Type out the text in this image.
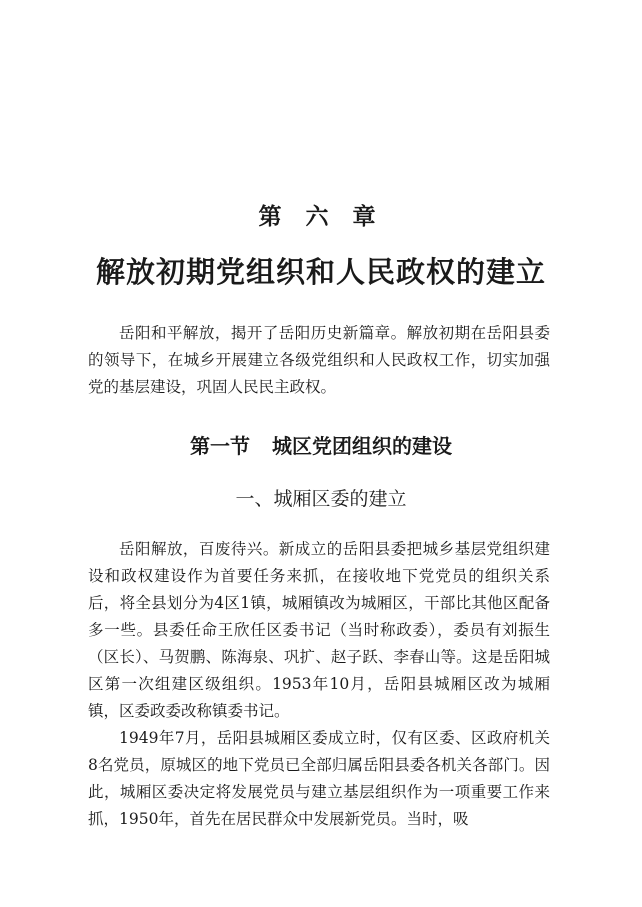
第 六 章
解放初期党组织和人民政权的建立

岳阳和平解放，揭开了岳阳历史新篇章。解放初期在岳阳县委的领导下，在城乡开展建立各级党组织和人民政权工作，切实加强党的基层建设，巩固人民民主政权。

第一节 城区党团组织的建设
一、城厢区委的建立

岳阳解放，百废待兴。新成立的岳阳县委把城乡基层党组织建设和政权建设作为首要任务来抓，在接收地下党党员的组织关系后，将全县划分为4区1镇，城厢镇改为城厢区，干部比其他区配备多一些。县委任命王欣任区委书记（当时称政委），委员有刘振生（区长）、马贺鹏、陈海泉、巩扩、赵子跃、李春山等。这是岳阳城区第一次组建区级组织。1953年10月，岳阳县城厢区改为城厢镇，区委政委改称镇委书记。

1949年7月，岳阳县城厢区委成立时，仅有区委、区政府机关8名党员，原城区的地下党员已全部归属岳阳县委各机关各部门。因此，城厢区委决定将发展党员与建立基层组织作为一项重要工作来抓，1950年，首先在居民群众中发展新党员。当时，吸
